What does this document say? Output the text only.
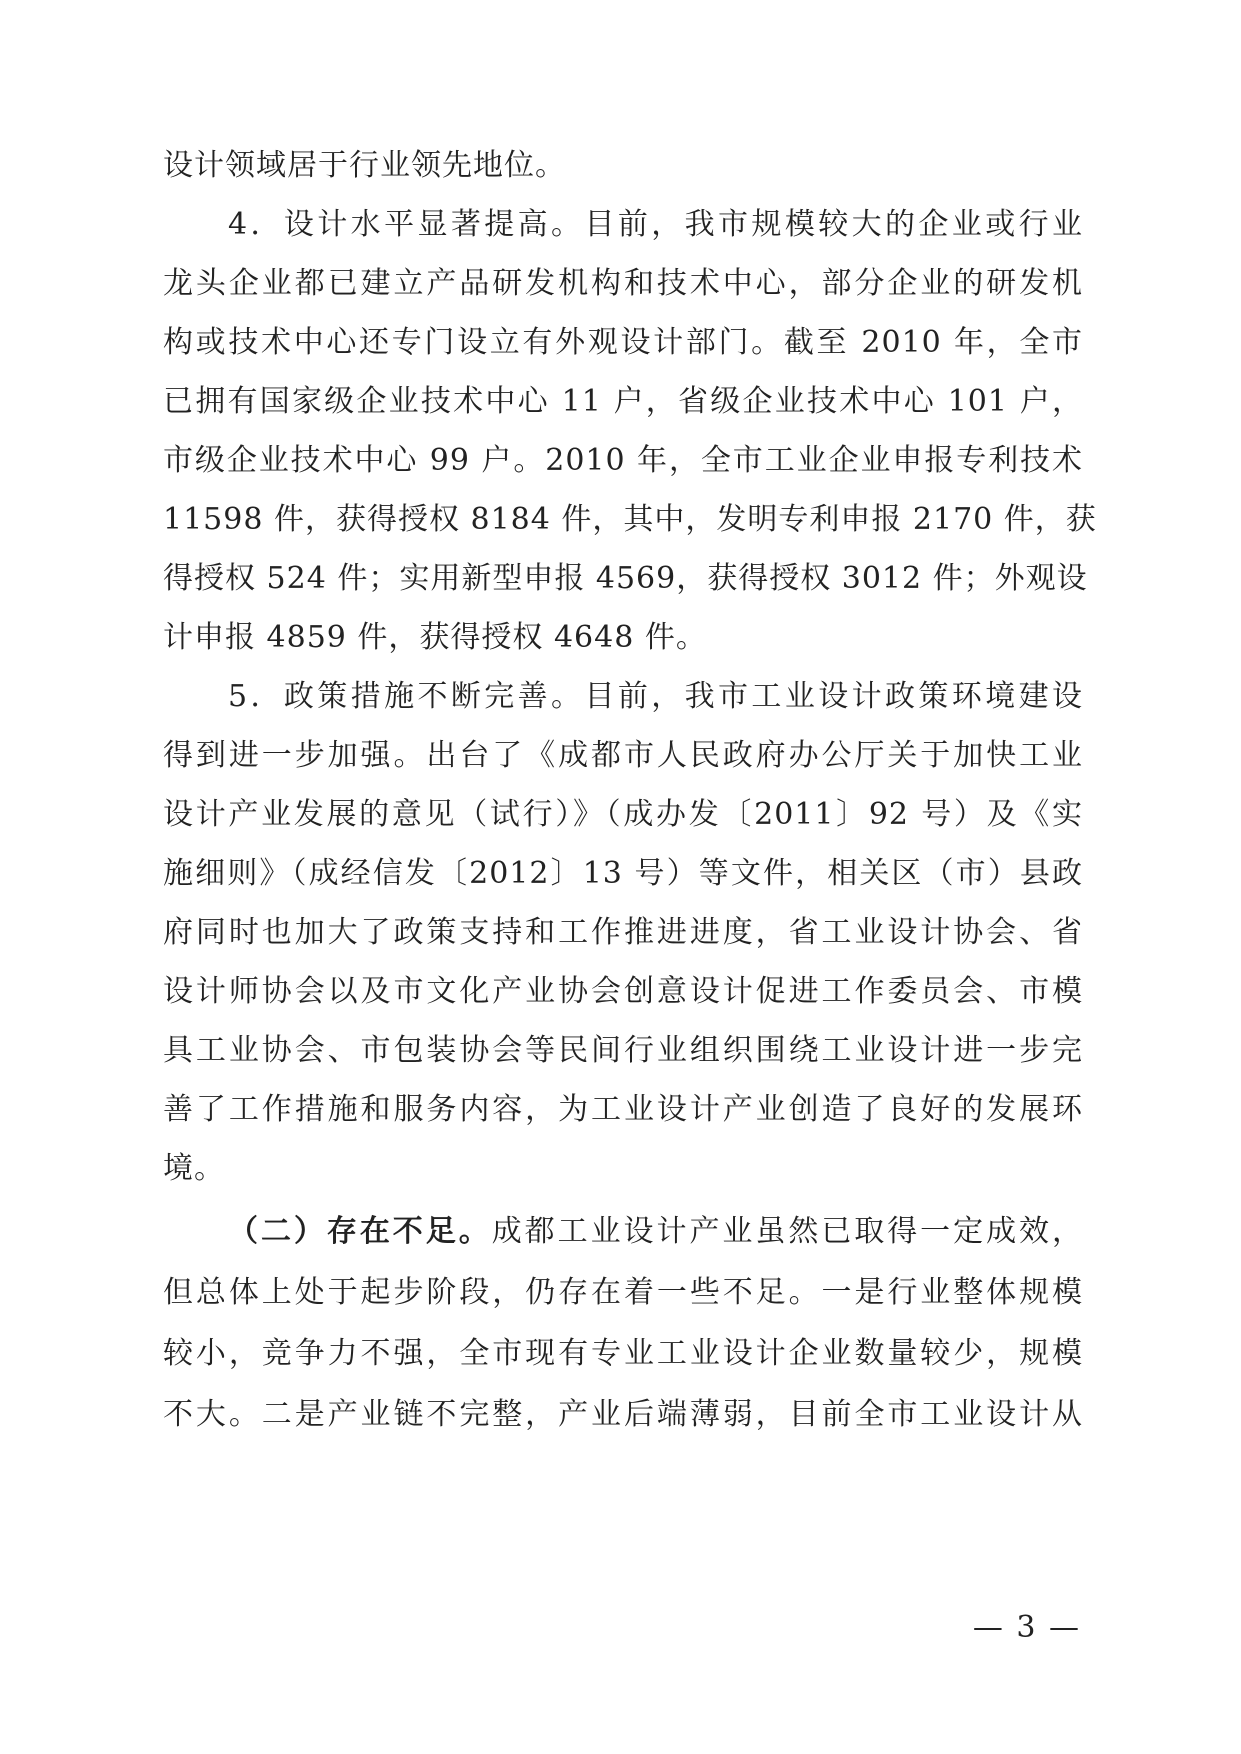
设计领域居于行业领先地位。
4．设计水平显著提高。目前，我市规模较大的企业或行业
龙头企业都已建立产品研发机构和技术中心，部分企业的研发机
构或技术中心还专门设立有外观设计部门。截至 2010 年，全市
已拥有国家级企业技术中心 11 户，省级企业技术中心 101 户，
市级企业技术中心 99 户。2010 年，全市工业企业申报专利技术
11598 件，获得授权 8184 件，其中，发明专利申报 2170 件，获
得授权 524 件；实用新型申报 4569，获得授权 3012 件；外观设
计申报 4859 件，获得授权 4648 件。
5．政策措施不断完善。目前，我市工业设计政策环境建设
得到进一步加强。出台了《成都市人民政府办公厅关于加快工业
设计产业发展的意见（试行）》（成办发〔2011〕92 号）及《实
施细则》（成经信发〔2012〕13 号）等文件，相关区（市）县政
府同时也加大了政策支持和工作推进进度，省工业设计协会、省
设计师协会以及市文化产业协会创意设计促进工作委员会、市模
具工业协会、市包装协会等民间行业组织围绕工业设计进一步完
善了工作措施和服务内容，为工业设计产业创造了良好的发展环
境。
（二）存在不足。成都工业设计产业虽然已取得一定成效，
但总体上处于起步阶段，仍存在着一些不足。一是行业整体规模
较小，竞争力不强，全市现有专业工业设计企业数量较少，规模
不大。二是产业链不完整，产业后端薄弱，目前全市工业设计从
— 3 —
